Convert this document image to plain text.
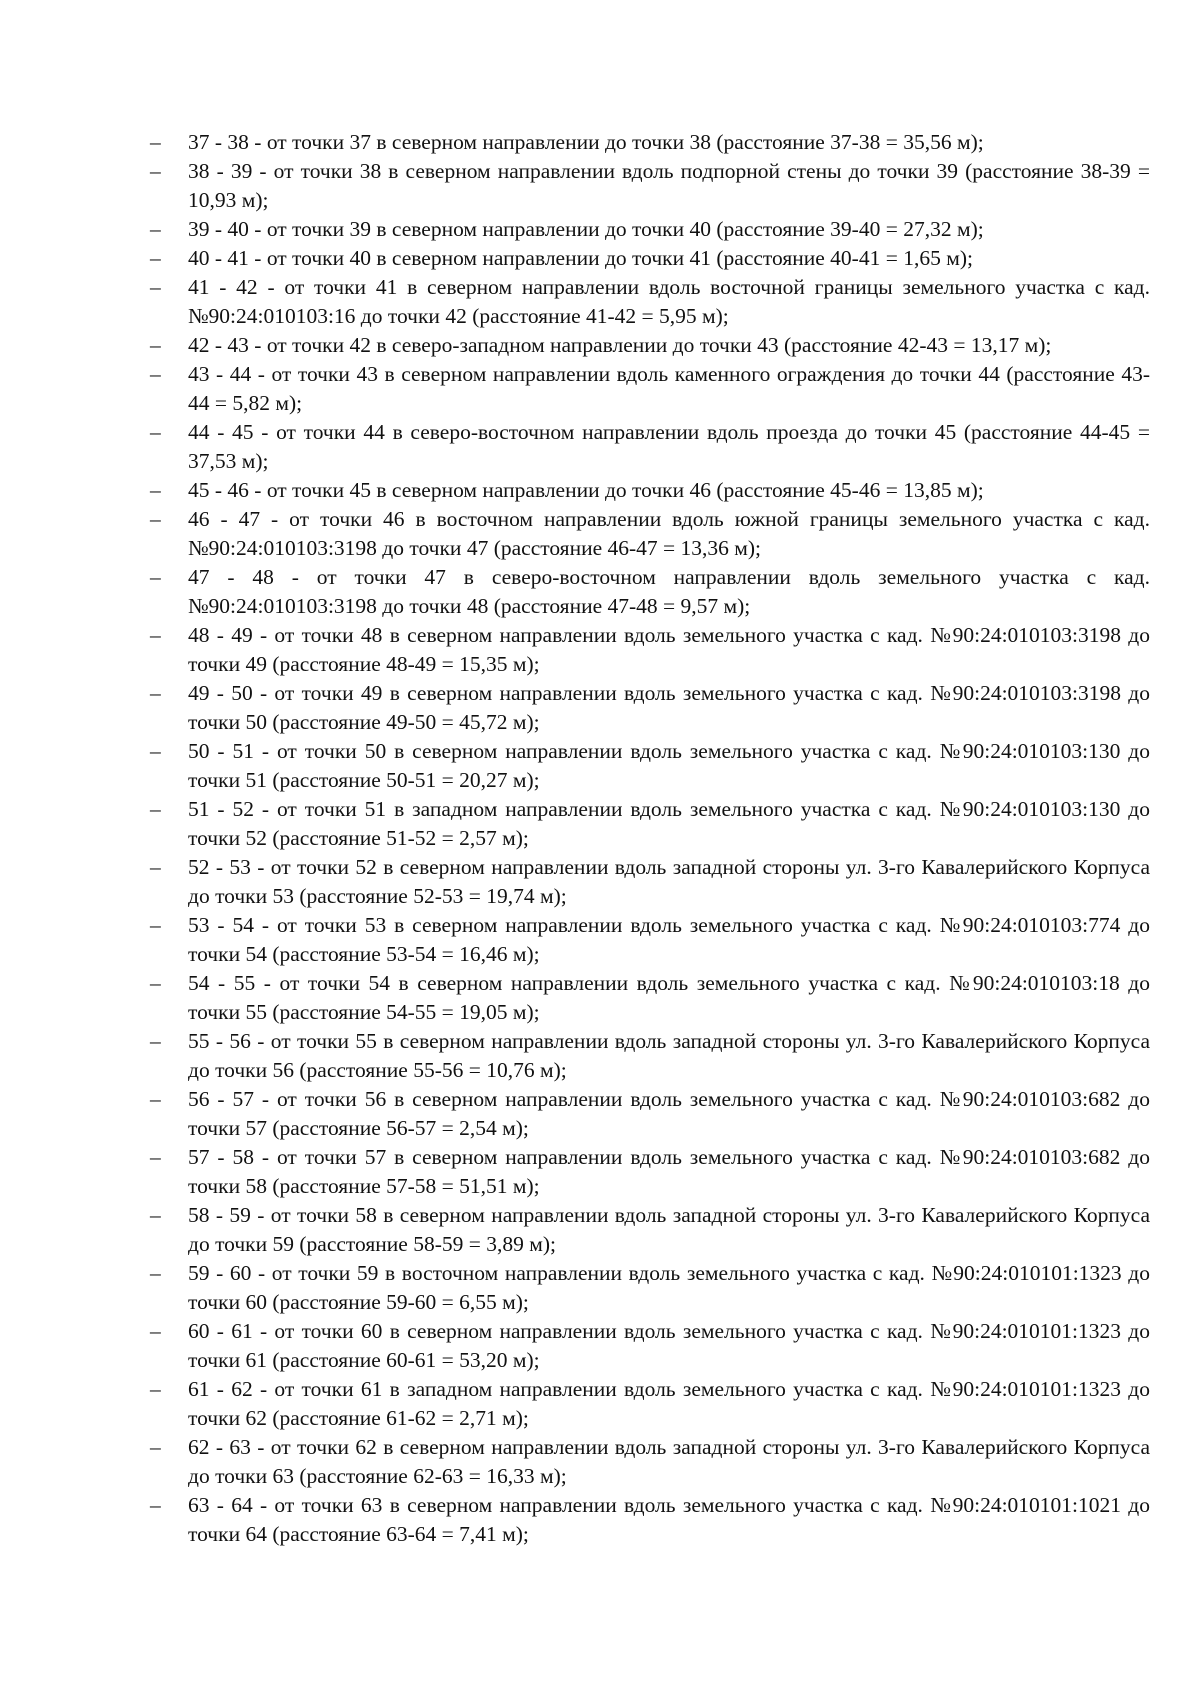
–	37 - 38 - от точки 37 в северном направлении до точки 38 (расстояние 37-38 = 35,56 м);
–	38 - 39 - от точки 38 в северном направлении вдоль подпорной стены до точки 39 (расстояние 38-39 = 10,93 м);
–	39 - 40 - от точки 39 в северном направлении до точки 40 (расстояние 39-40 = 27,32 м);
–	40 - 41 - от точки 40 в северном направлении до точки 41 (расстояние 40-41 = 1,65 м);
–	41 - 42 - от точки 41 в северном направлении вдоль восточной границы земельного участка с кад. №90:24:010103:16 до точки 42 (расстояние 41-42 = 5,95 м);
–	42 - 43 - от точки 42 в северо-западном направлении до точки 43 (расстояние 42-43 = 13,17 м);
–	43 - 44 - от точки 43 в северном направлении вдоль каменного ограждения до точки 44 (расстояние 43-44 = 5,82 м);
–	44 - 45 - от точки 44 в северо-восточном направлении вдоль проезда до точки 45 (расстояние 44-45 = 37,53 м);
–	45 - 46 - от точки 45 в северном направлении до точки 46 (расстояние 45-46 = 13,85 м);
–	46 - 47 - от точки 46 в восточном направлении вдоль южной границы земельного участка с кад. №90:24:010103:3198 до точки 47 (расстояние 46-47 = 13,36 м);
–	47 - 48 - от точки 47 в северо-восточном направлении вдоль земельного участка с кад. №90:24:010103:3198 до точки 48 (расстояние 47-48 = 9,57 м);
–	48 - 49 - от точки 48 в северном направлении вдоль земельного участка с кад. №90:24:010103:3198 до точки 49 (расстояние 48-49 = 15,35 м);
–	49 - 50 - от точки 49 в северном направлении вдоль земельного участка с кад. №90:24:010103:3198 до точки 50 (расстояние 49-50 = 45,72 м);
–	50 - 51 - от точки 50 в северном направлении вдоль земельного участка с кад. №90:24:010103:130 до точки 51 (расстояние 50-51 = 20,27 м);
–	51 - 52 - от точки 51 в западном направлении вдоль земельного участка с кад. №90:24:010103:130 до точки 52 (расстояние 51-52 = 2,57 м);
–	52 - 53 - от точки 52 в северном направлении вдоль западной стороны ул. 3-го Кавалерийского Корпуса до точки 53 (расстояние 52-53 = 19,74 м);
–	53 - 54 - от точки 53 в северном направлении вдоль земельного участка с кад. №90:24:010103:774 до точки 54 (расстояние 53-54 = 16,46 м);
–	54 - 55 - от точки 54 в северном направлении вдоль земельного участка с кад. №90:24:010103:18 до точки 55 (расстояние 54-55 = 19,05 м);
–	55 - 56 - от точки 55 в северном направлении вдоль западной стороны ул. 3-го Кавалерийского Корпуса до точки 56 (расстояние 55-56 = 10,76 м);
–	56 - 57 - от точки 56 в северном направлении вдоль земельного участка с кад. №90:24:010103:682 до точки 57 (расстояние 56-57 = 2,54 м);
–	57 - 58 - от точки 57 в северном направлении вдоль земельного участка с кад. №90:24:010103:682 до точки 58 (расстояние 57-58 = 51,51 м);
–	58 - 59 - от точки 58 в северном направлении вдоль западной стороны ул. 3-го Кавалерийского Корпуса до точки 59 (расстояние 58-59 = 3,89 м);
–	59 - 60 - от точки 59 в восточном направлении вдоль земельного участка с кад. №90:24:010101:1323 до точки 60 (расстояние 59-60 = 6,55 м);
–	60 - 61 - от точки 60 в северном направлении вдоль земельного участка с кад. №90:24:010101:1323 до точки 61 (расстояние 60-61 = 53,20 м);
–	61 - 62 - от точки 61 в западном направлении вдоль земельного участка с кад. №90:24:010101:1323 до точки 62 (расстояние 61-62 = 2,71 м);
–	62 - 63 - от точки 62 в северном направлении вдоль западной стороны ул. 3-го Кавалерийского Корпуса до точки 63 (расстояние 62-63 = 16,33 м);
–	63 - 64 - от точки 63 в северном направлении вдоль земельного участка с кад. №90:24:010101:1021 до точки 64 (расстояние 63-64 = 7,41 м);
